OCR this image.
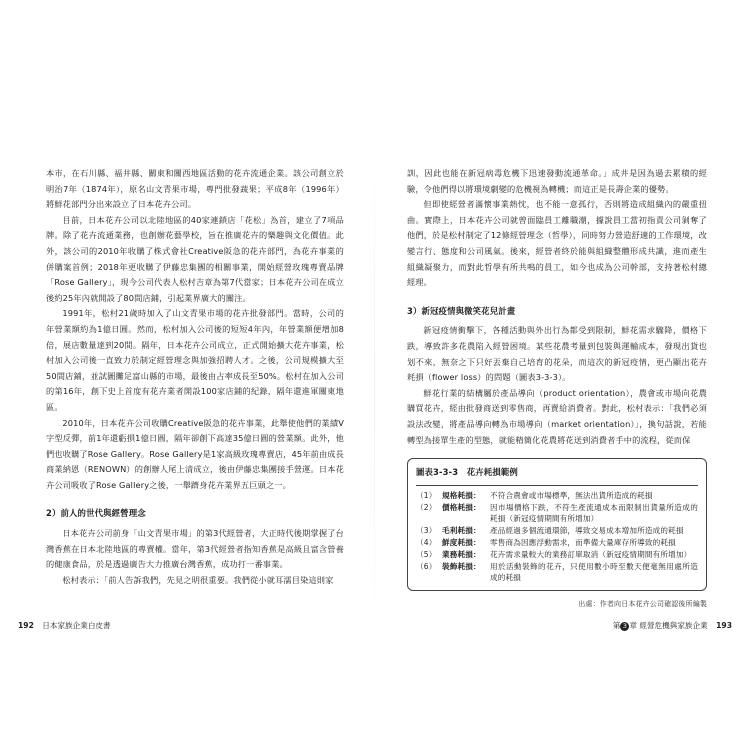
本市，在石川縣、福井縣、關東和關西地區活動的花卉流通企業。該公司創立於明治7年（1874年），原名山文青果市場，專門批發蔬果；平成8年（1996年）將鮮花部門分出來設立了日本花卉公司。

目前，日本花卉公司以北陸地區的40家連鎖店「花松」為首，建立了7項品牌。除了花卉流通業務，也創辦花藝學校，旨在推廣花卉的樂趣與文化價值。此外，該公司的2010年收購了株式會社Creative阪急的花卉部門，為花卉事業的併購案首例；2018年更收購了伊藤忠集團的相關事業，開始經營玫瑰專賣品牌「Rose Gallery」，現今公司代表人松村吉章為第7代當家；日本花卉公司在成立後約25年內就開設了80間店鋪，引起業界廣大的關注。

1991年，松村21歲時加入了山文青果市場的花卉批發部門。當時，公司的年營業額約為1億日圓。然而，松村加入公司後的短短4年內，年營業額便增加8倍，展店數量達到20間。隔年，日本花卉公司成立，正式開始擴大花卉事業，松村加入公司後一直致力於制定經營理念與加強招聘人才。之後，公司規模擴大至50間店鋪，並試圖攤足富山縣的市場，最後由占率成長至50%。松村在加入公司的第16年，創下史上首度有花卉業者開設100家店鋪的紀錄，隔年還進軍關東地區。

2010年，日本花卉公司收購Creative阪急的花卉事業，此舉使他們的業績V字型反彈，前1年還虧損1億日圓，隔年卻創下高達35億日圓的營業額。此外，他們也收購了Rose Gallery。Rose Gallery是1家高級玫瑰專賣店，45年前由成長商業納恩（RENOWN）的創辦人尾上清成立，後由伊藤忠集團接手營運。日本花卉公司吸收了Rose Gallery之後，一舉躋身花卉業界五巨頭之一。

2）前人的世代與經營理念

日本花卉公司前身「山文青果市場」的第3代經營者，大正時代後期掌握了台灣香蕉在日本北陸地區的專賣權。當年，第3代經營者指知香蕉是高級且富含營養的健康食品，於是透過廣告大力推廣台灣香蕉，成功打一番事業。

松村表示：「前人告訴我們，先見之明很重要。我們從小就耳濡目染這則家

192 日本家族企業白皮書

訓，因此也能在新冠病毒危機下迅速發動流通革命。」成井是因為過去累積的經驗，令他們得以將環境劇變的危機視為轉機；而這正是長壽企業的優勢。

但即使經營者滿懷事業熱忱，也不能一意孤行，否則將造成組織內的嚴重扭曲。實際上，日本花卉公司就曾面臨員工離職潮，據說員工當初指責公司剝奪了他們，於是松村制定了12條經營理念（哲學），同時努力營造舒適的工作環境，改變言行、態度和公司風氣。後來，經營者終於能與組織整體形成共識，進而產生組織凝聚力，而對此哲學有所共鳴的員工，如今也成為公司幹部，支持著松村總經理。

3）新冠疫情與微笑花兒計畫

新冠疫情衝擊下，各種活動與外出行為都受到限制，鮮花需求驟降，價格下跌，導致許多花農陷入經營困境。某些花農考量到包裝與運輸成本，發現出貨也划不來，無奈之下只好丟棄自己培育的花朵，而這次的新冠疫情，更凸顯出花卉耗損（flower loss）的問題（圖表3-3-3）。

鮮花行業的結構屬於產品導向（product orientation），農會或市場向花農購買花卉，經由批發商送到零售商，再賣給消費者。對此，松村表示：「我們必須設法改變，將產品導向轉為市場導向（market orientation）」，換句話說，若能轉型為接單生產的型態，就能精簡化花農將花送到消費者手中的流程，從而保

圖表3-3-3　花卉耗損範例
（1） 規格耗損：	不符合農會或市場標準，無法出貨所造成的耗損
（2） 價格耗損：	因市場價格下跌，不符生產流通成本而限制出貨量所造成的耗損（新冠疫情期間有所增加）
（3） 毛利耗損：	產品經過多個流通環節，導致交易成本增加所造成的耗損
（4） 鮮度耗損：	零售商為因應浮動需求，而準備大量庫存所導致的耗損
（5） 業務耗損：	花卉需求量較大的業務訂單取消（新冠疫情期間有所增加）
（6） 裝飾耗損：	用於活動裝飾的花卉，只使用數小時至數天便毫無用處所造成的耗損
出處：作者向日本花卉公司確認後所編製
第 3 章 經營危機與家族企業 193
